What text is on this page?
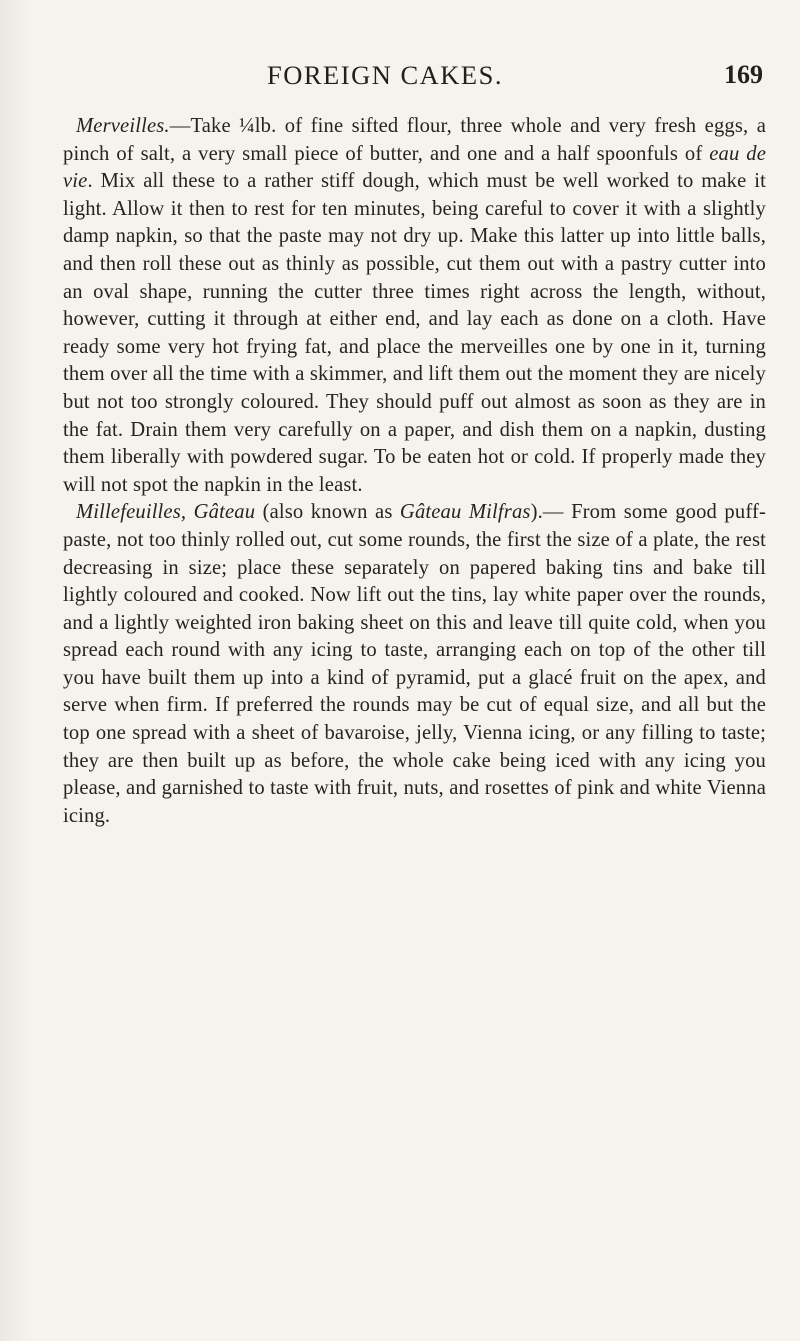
FOREIGN CAKES.	169

Merveilles.—Take ¼lb. of fine sifted flour, three whole and very fresh eggs, a pinch of salt, a very small piece of butter, and one and a half spoonfuls of eau de vie. Mix all these to a rather stiff dough, which must be well worked to make it light. Allow it then to rest for ten minutes, being careful to cover it with a slightly damp napkin, so that the paste may not dry up. Make this latter up into little balls, and then roll these out as thinly as possible, cut them out with a pastry cutter into an oval shape, running the cutter three times right across the length, without, however, cutting it through at either end, and lay each as done on a cloth. Have ready some very hot frying fat, and place the merveilles one by one in it, turning them over all the time with a skimmer, and lift them out the moment they are nicely but not too strongly coloured. They should puff out almost as soon as they are in the fat. Drain them very carefully on a paper, and dish them on a napkin, dusting them liberally with powdered sugar. To be eaten hot or cold. If properly made they will not spot the napkin in the least.

Millefeuilles, Gâteau (also known as Gâteau Milfras).— From some good puff-paste, not too thinly rolled out, cut some rounds, the first the size of a plate, the rest decreasing in size; place these separately on papered baking tins and bake till lightly coloured and cooked. Now lift out the tins, lay white paper over the rounds, and a lightly weighted iron baking sheet on this and leave till quite cold, when you spread each round with any icing to taste, arranging each on top of the other till you have built them up into a kind of pyramid, put a glacé fruit on the apex, and serve when firm. If preferred the rounds may be cut of equal size, and all but the top one spread with a sheet of bavaroise, jelly, Vienna icing, or any filling to taste; they are then built up as before, the whole cake being iced with any icing you please, and garnished to taste with fruit, nuts, and rosettes of pink and white Vienna icing.
